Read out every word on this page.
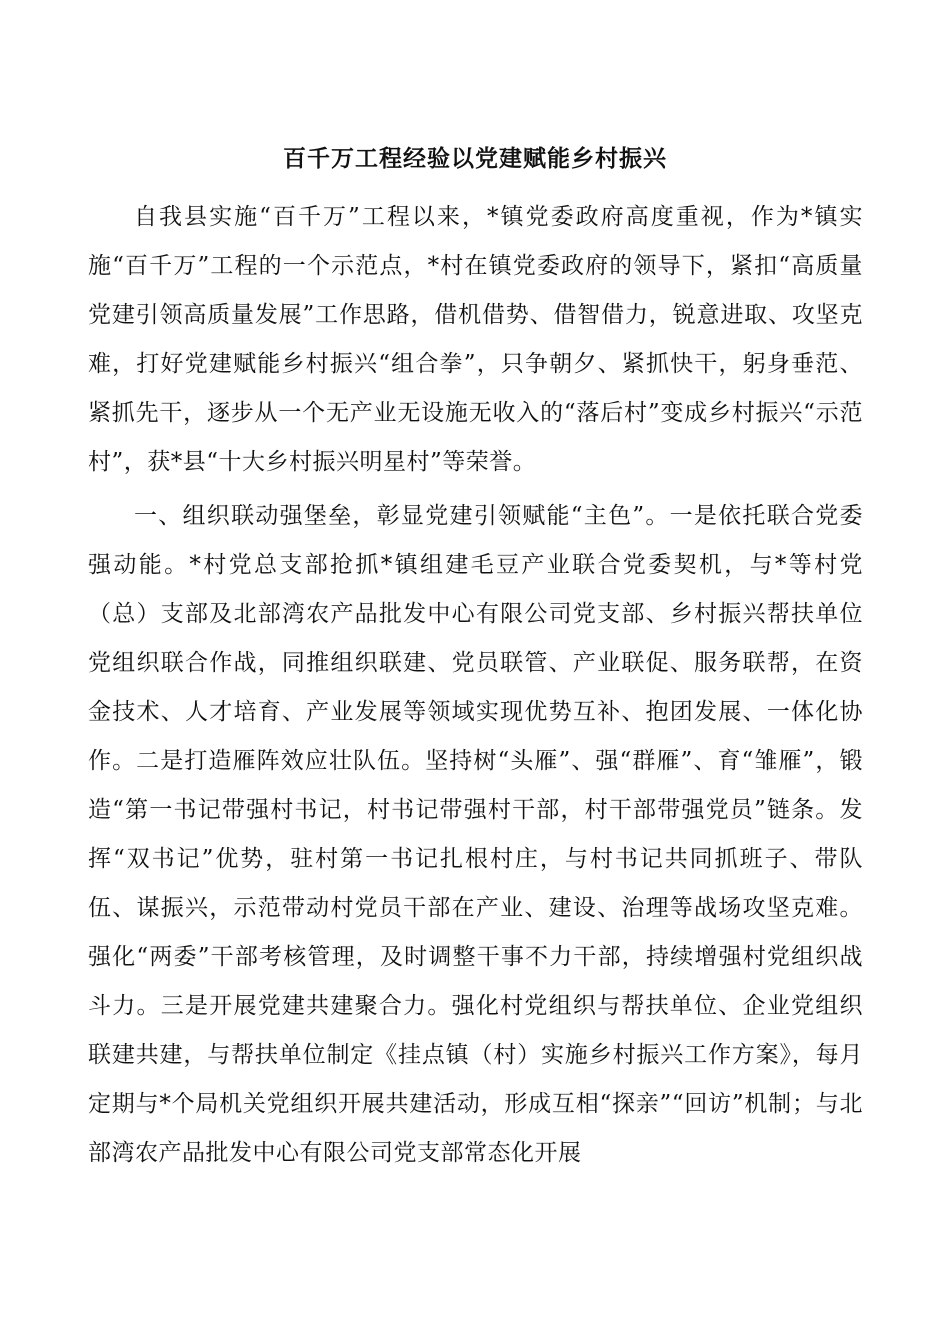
百千万工程经验以党建赋能乡村振兴

自我县实施“百千万”工程以来，*镇党委政府高度重视，作为*镇实施“百千万”工程的一个示范点，*村在镇党委政府的领导下，紧扣“高质量党建引领高质量发展”工作思路，借机借势、借智借力，锐意进取、攻坚克难，打好党建赋能乡村振兴“组合拳”，只争朝夕、紧抓快干，躬身垂范、紧抓先干，逐步从一个无产业无设施无收入的“落后村”变成乡村振兴“示范村”，获*县“十大乡村振兴明星村”等荣誉。

一、组织联动强堡垒，彰显党建引领赋能“主色”。一是依托联合党委强动能。*村党总支部抢抓*镇组建毛豆产业联合党委契机，与*等村党（总）支部及北部湾农产品批发中心有限公司党支部、乡村振兴帮扶单位党组织联合作战，同推组织联建、党员联管、产业联促、服务联帮，在资金技术、人才培育、产业发展等领域实现优势互补、抱团发展、一体化协作。二是打造雁阵效应壮队伍。坚持树“头雁”、强“群雁”、育“雏雁”，锻造“第一书记带强村书记，村书记带强村干部，村干部带强党员”链条。发挥“双书记”优势，驻村第一书记扎根村庄，与村书记共同抓班子、带队伍、谋振兴，示范带动村党员干部在产业、建设、治理等战场攻坚克难。强化“两委”干部考核管理，及时调整干事不力干部，持续增强村党组织战斗力。三是开展党建共建聚合力。强化村党组织与帮扶单位、企业党组织联建共建，与帮扶单位制定《挂点镇（村）实施乡村振兴工作方案》，每月定期与*个局机关党组织开展共建活动，形成互相“探亲”“回访”机制；与北部湾农产品批发中心有限公司党支部常态化开展
